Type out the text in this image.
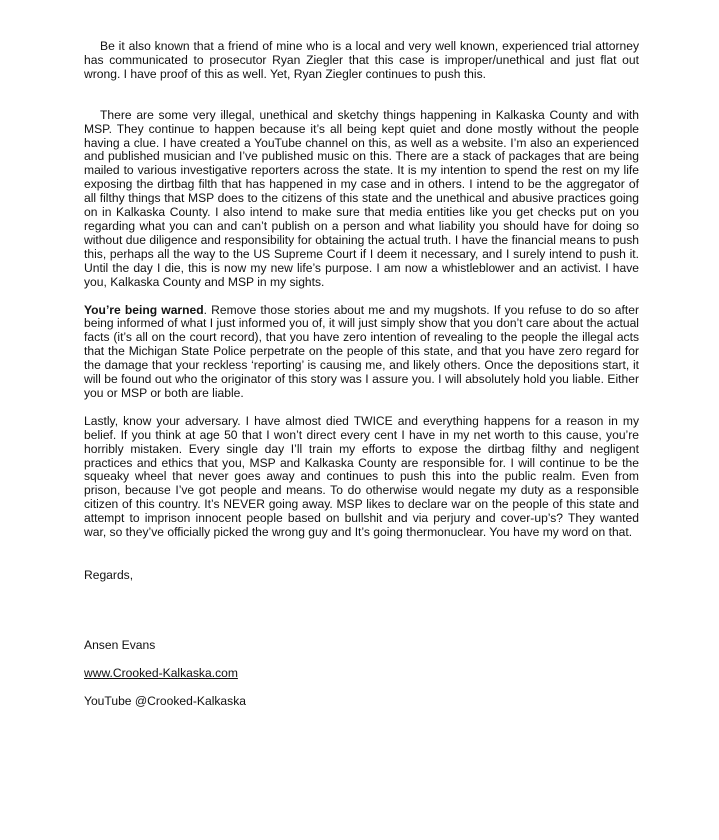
Be it also known that a friend of mine who is a local and very well known, experienced trial attorney has communicated to prosecutor Ryan Ziegler that this case is improper/unethical and just flat out wrong. I have proof of this as well. Yet, Ryan Ziegler continues to push this.

There are some very illegal, unethical and sketchy things happening in Kalkaska County and with MSP. They continue to happen because it’s all being kept quiet and done mostly without the people having a clue. I have created a YouTube channel on this, as well as a website. I’m also an experienced and published musician and I’ve published music on this. There are a stack of packages that are being mailed to various investigative reporters across the state. It is my intention to spend the rest on my life exposing the dirtbag filth that has happened in my case and in others. I intend to be the aggregator of all filthy things that MSP does to the citizens of this state and the unethical and abusive practices going on in Kalkaska County. I also intend to make sure that media entities like you get checks put on you regarding what you can and can’t publish on a person and what liability you should have for doing so without due diligence and responsibility for obtaining the actual truth. I have the financial means to push this, perhaps all the way to the US Supreme Court if I deem it necessary, and I surely intend to push it. Until the day I die, this is now my new life’s purpose. I am now a whistleblower and an activist. I have you, Kalkaska County and MSP in my sights.

You’re being warned. Remove those stories about me and my mugshots. If you refuse to do so after being informed of what I just informed you of, it will just simply show that you don’t care about the actual facts (it’s all on the court record), that you have zero intention of revealing to the people the illegal acts that the Michigan State Police perpetrate on the people of this state, and that you have zero regard for the damage that your reckless ‘reporting’ is causing me, and likely others. Once the depositions start, it will be found out who the originator of this story was I assure you. I will absolutely hold you liable. Either you or MSP or both are liable.

Lastly, know your adversary. I have almost died TWICE and everything happens for a reason in my belief. If you think at age 50 that I won’t direct every cent I have in my net worth to this cause, you’re horribly mistaken. Every single day I’ll train my efforts to expose the dirtbag filthy and negligent practices and ethics that you, MSP and Kalkaska County are responsible for. I will continue to be the squeaky wheel that never goes away and continues to push this into the public realm. Even from prison, because I’ve got people and means. To do otherwise would negate my duty as a responsible citizen of this country. It’s NEVER going away. MSP likes to declare war on the people of this state and attempt to imprison innocent people based on bullshit and via perjury and cover-up’s? They wanted war, so they’ve officially picked the wrong guy and It’s going thermonuclear. You have my word on that.

Regards,
Ansen Evans
www.Crooked-Kalkaska.com
YouTube @Crooked-Kalkaska
